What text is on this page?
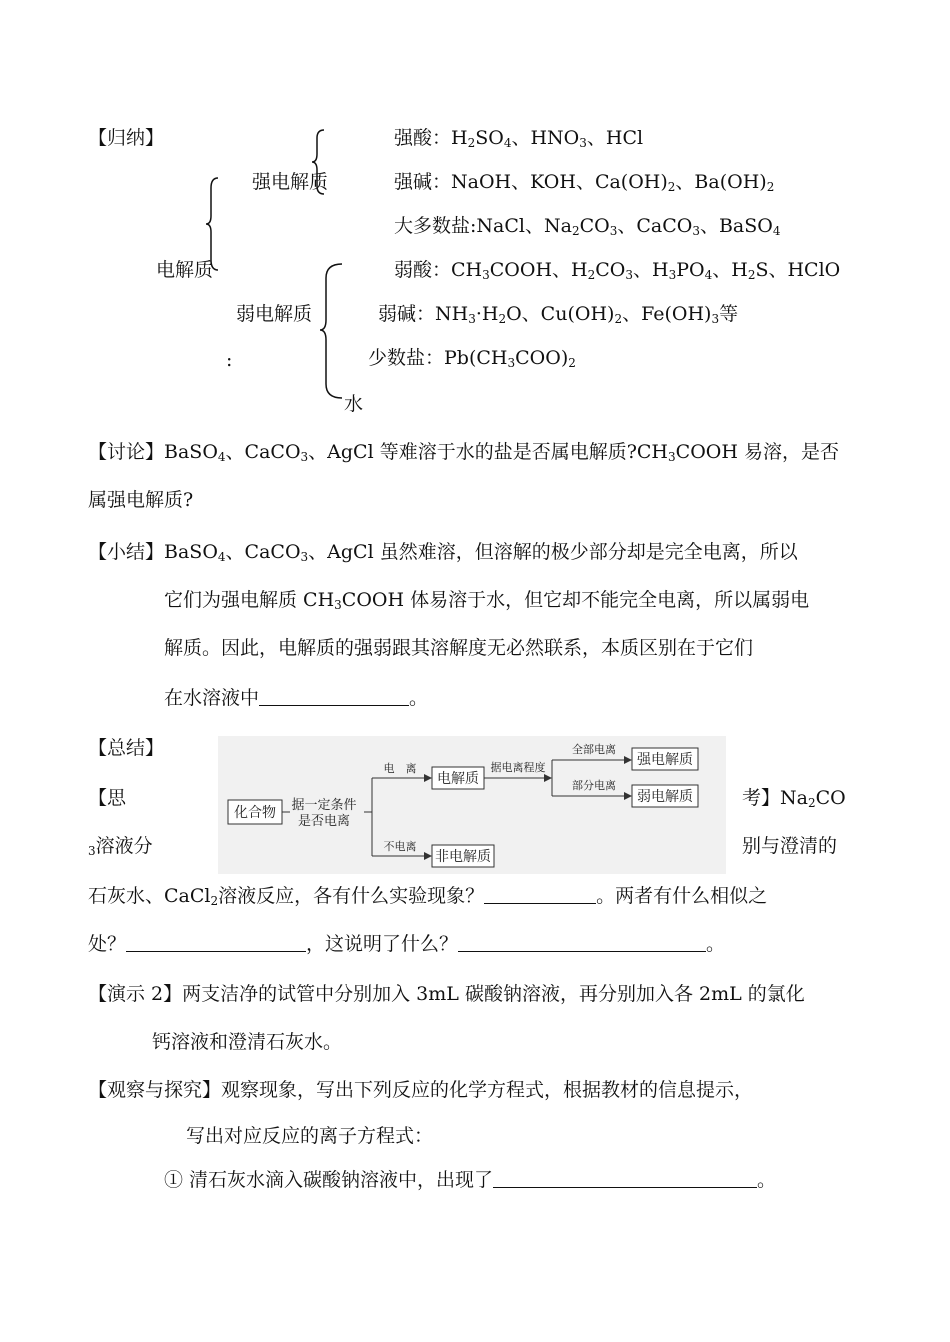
【归纳】
强电解质
电解质
弱电解质
:
水
强酸：$H_2SO_4$、$HNO_3$、HCl
强碱：NaOH、KOH、$Ca(OH)_2$、$Ba(OH)_2$
大多数盐:NaCl、$Na_2CO_3$、CaCO$_3$、BaSO$_4$
弱酸：$CH_3COOH$、$H_2CO_3$、$H_3PO_4$、$H_2S$、HClO
弱碱：$NH_3\cdot H_2O$、$Cu(OH)_2$、$Fe(OH)_3$等
少数盐：$Pb(CH_3COO)_2$
【讨论】BaSO$_4$、CaCO$_3$、AgCl 等难溶于水的盐是否属电解质$?CH_3COOH$ 易溶，是否
属强电解质?
【小结】BaSO$_4$、CaCO$_3$、AgCl 虽然难溶，但溶解的极少部分却是完全电离，所以
它们为强电解质 $CH_3COOH$ 体易溶于水，但它却不能完全电离，所以属弱电
解质。因此，电解质的强弱跟其溶解度无必然联系，本质区别在于它们
在水溶液中	。
【总结】
化合物 据一定条件
是否电离
电　离
不电离
电解质
非电解质
据电离程度
全部电离
部分电离
强电解质
弱电解质
【思	考】$Na_2CO$
$_3$溶液分	别与澄清的
石灰水、CaCl$_2$溶液反应，各有什么实验现象？	。两者有什么相似之
处？	，这说明了什么？	。
【演示 2】两支洁净的试管中分别加入 3mL 碳酸钠溶液，再分别加入各 2mL 的氯化
钙溶液和澄清石灰水。
【观察与探究】观察现象，写出下列反应的化学方程式，根据教材的信息提示，
写出对应反应的离子方程式：
① 清石灰水滴入碳酸钠溶液中，出现了	。
